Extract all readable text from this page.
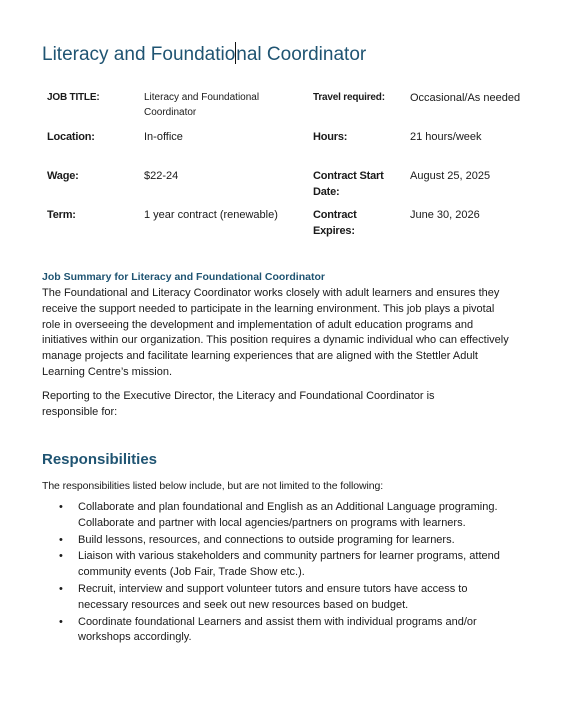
Literacy and Foundational Coordinator
JOB TITLE:	Literacy and Foundational Coordinator	Travel required:	Occasional/As needed
Location:	In-office	Hours:	21 hours/week
Wage:	$22-24	Contract Start Date:	August 25, 2025
Term:	1 year contract (renewable)	Contract Expires:	June 30, 2026
Job Summary for Literacy and Foundational Coordinator

The Foundational and Literacy Coordinator works closely with adult learners and ensures they receive the support needed to participate in the learning environment. This job plays a pivotal role in overseeing the development and implementation of adult education programs and initiatives within our organization. This position requires a dynamic individual who can effectively manage projects and facilitate learning experiences that are aligned with the Stettler Adult Learning Centre’s mission.

Reporting to the Executive Director, the Literacy and Foundational Coordinator is responsible for:

Responsibilities

The responsibilities listed below include, but are not limited to the following:

• Collaborate and plan foundational and English as an Additional Language programing. Collaborate and partner with local agencies/partners on programs with learners.
• Build lessons, resources, and connections to outside programing for learners.
• Liaison with various stakeholders and community partners for learner programs, attend community events (Job Fair, Trade Show etc.).
• Recruit, interview and support volunteer tutors and ensure tutors have access to necessary resources and seek out new resources based on budget.
• Coordinate foundational Learners and assist them with individual programs and/or workshops accordingly.
